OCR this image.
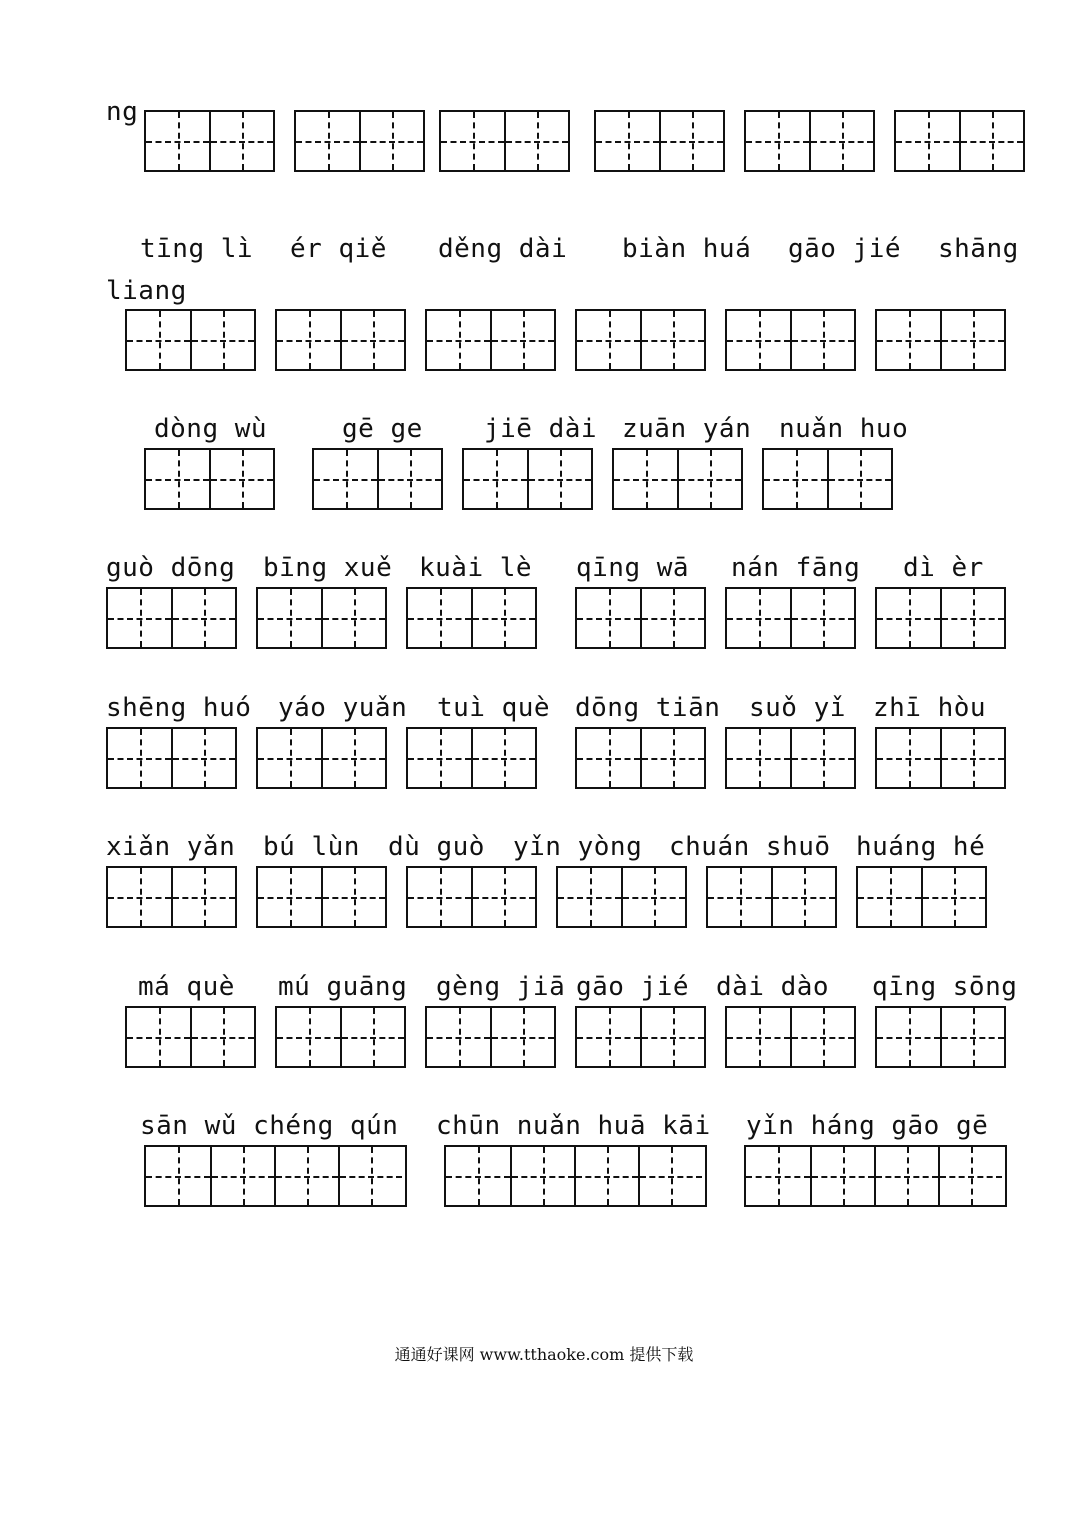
ng
tīng lì ér qiě děng dài biàn huá gāo jié shāng
liang
dòng wù	gē ge jiē dài zuān yán nuǎn huo
guò dōng bīng xuě kuài lè qīng wā nán fāng dì èr
shēng huó yáo yuǎn tuì què dōng tiān suǒ yǐ zhī hòu
xiǎn yǎn bú lùn dù guò yǐn yòng chuán shuō huáng hé
má què mú guāng gèng jiā gāo jié dài dào qīng sōng
sān wǔ chéng qún chūn nuǎn huā kāi yǐn háng gāo gē
通通好课网 www.tthaoke.com 提供下载
